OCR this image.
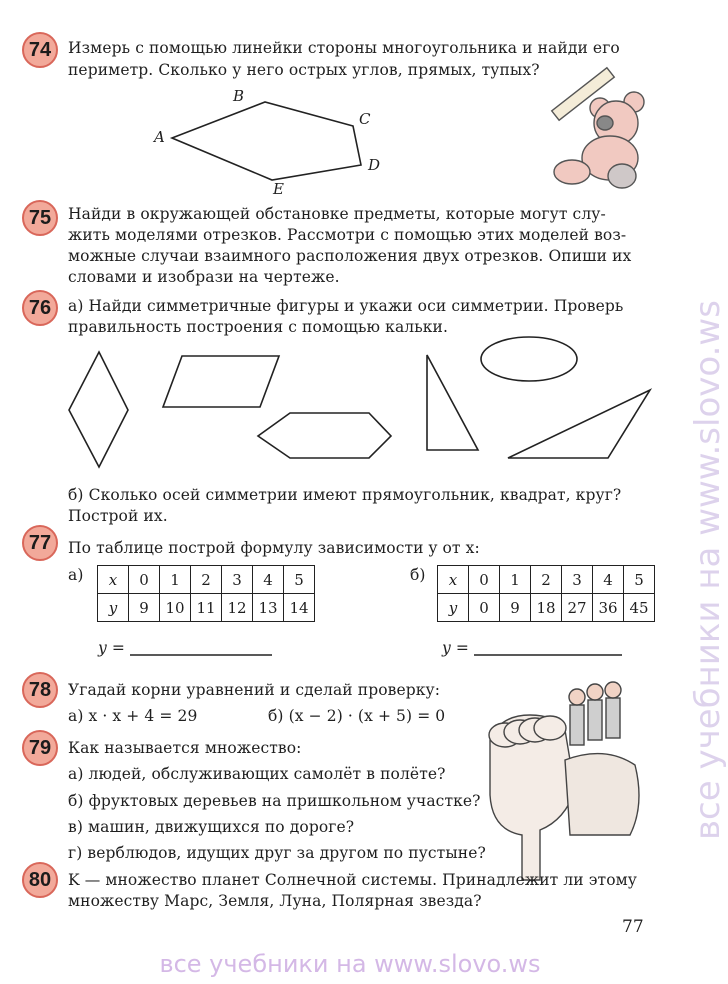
все учебники на www.slovo.ws
74	Измерь с помощью линейки стороны многоугольника и найди его
периметр. Сколько у него острых углов, прямых, тупых?
A
B
C
D
E
75	Найди в окружающей обстановке предметы, которые могут слу-
жить моделями отрезков. Рассмотри с помощью этих моделей воз-
можные случаи взаимного расположения двух отрезков. Опиши их
словами и изобрази на чертеже.
76	а) Найди симметричные фигуры и укажи оси симметрии. Проверь
правильность построения с помощью кальки.
б) Сколько осей симметрии имеют прямоугольник, квадрат, круг?
Построй их.
77	По таблице построй формулу зависимости y от x:
а) x	0	1	2	3	4	5
y	9	10	11	12	13	14
б) x	0	1	2	3	4	5
y	0	9	18	27	36	45
y =	y =
78	Угадай корни уравнений и сделай проверку:
а) x · x + 4 = 29	б) (x − 2) · (x + 5) = 0
79	Как называется множество:
а) людей, обслуживающих самолёт в полёте?
б) фруктовых деревьев на пришкольном участке?
в) машин, движущихся по дороге?
г) верблюдов, идущих друг за другом по пустыне?
80	K — множество планет Солнечной системы. Принадлежит ли этому
множеству Марс, Земля, Луна, Полярная звезда?
77
все учебники на www.slovo.ws
